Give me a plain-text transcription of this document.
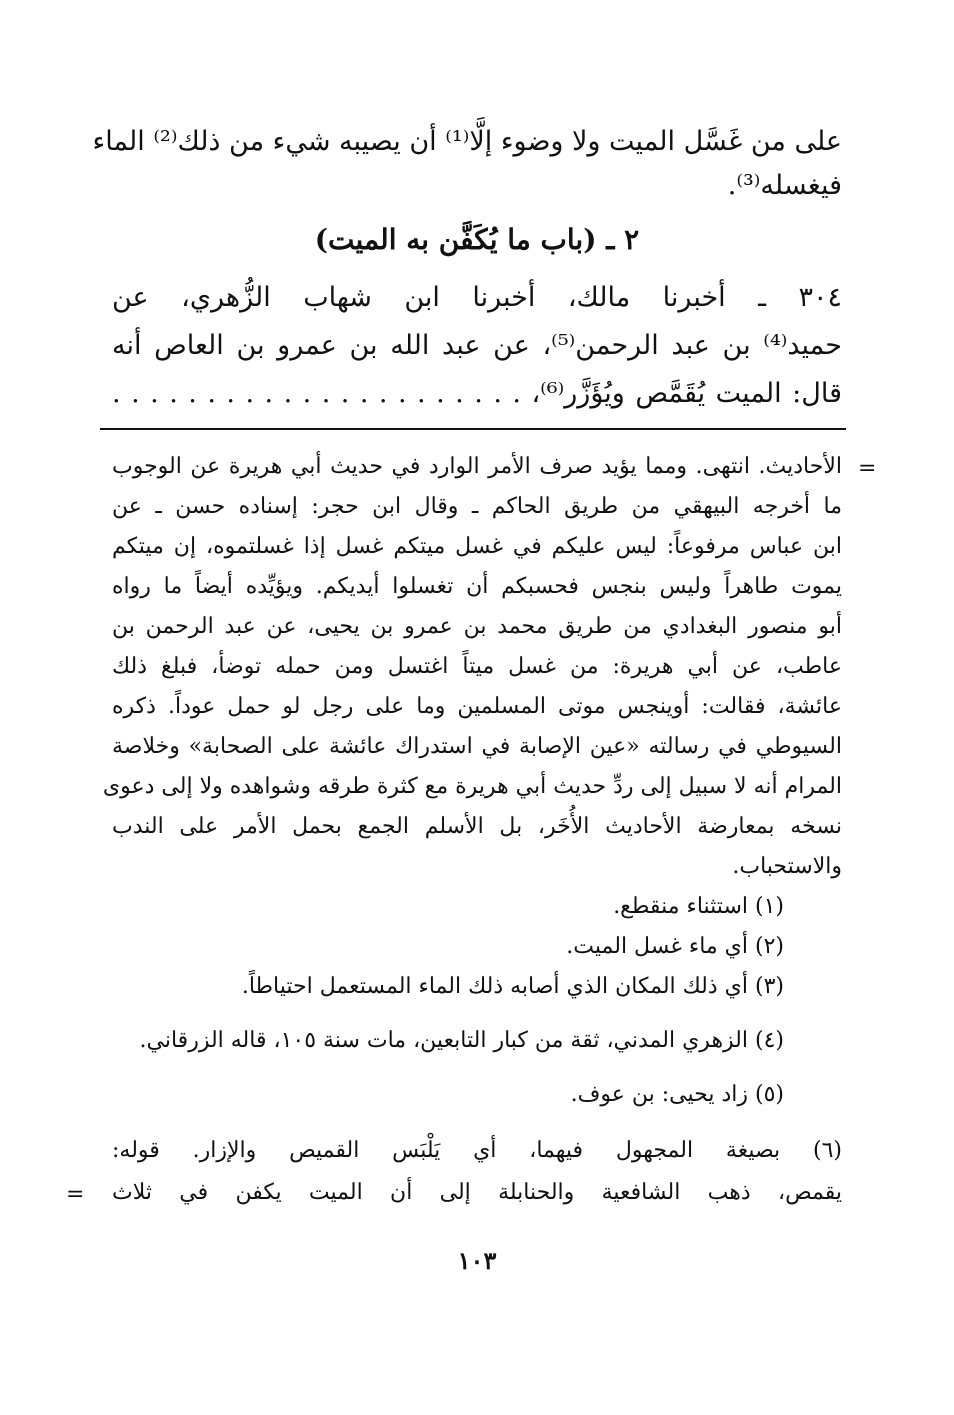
على من غَسَّل الميت ولا وضوء إلَّا⁽¹⁾ أن يصيبه شيء من ذلك⁽²⁾ الماء
فيغسله⁽³⁾.
٢ ـ (باب ما يُكَفَّن به الميت)
٣٠٤ ـ أخبرنا مالك، أخبرنا ابن شهاب الزُّهري، عن
حميد⁽⁴⁾ بن عبد الرحمن⁽⁵⁾، عن عبد الله بن عمرو بن العاص أنه
قال: الميت يُقَمَّص ويُؤَزَّر⁽⁶⁾، . . . . . . . . . . . . . . . . . . . . . .
=
الأحاديث. انتهى. ومما يؤيد صرف الأمر الوارد في حديث أبي هريرة عن الوجوب
ما أخرجه البيهقي من طريق الحاكم ـ وقال ابن حجر: إسناده حسن ـ عن
ابن عباس مرفوعاً: ليس عليكم في غسل ميتكم غسل إذا غسلتموه، إن ميتكم
يموت طاهراً وليس بنجس فحسبكم أن تغسلوا أيديكم. ويؤيِّده أيضاً ما رواه
أبو منصور البغدادي من طريق محمد بن عمرو بن يحيى، عن عبد الرحمن بن
عاطب، عن أبي هريرة: من غسل ميتاً اغتسل ومن حمله توضأ، فبلغ ذلك
عائشة، فقالت: أوينجس موتى المسلمين وما على رجل لو حمل عوداً. ذكره
السيوطي في رسالته «عين الإصابة في استدراك عائشة على الصحابة» وخلاصة
المرام أنه لا سبيل إلى ردِّ حديث أبي هريرة مع كثرة طرقه وشواهده ولا إلى دعوى
نسخه بمعارضة الأحاديث الأُخَر، بل الأسلم الجمع بحمل الأمر على الندب
والاستحباب.
(١) استثناء منقطع.
(٢) أي ماء غسل الميت.
(٣) أي ذلك المكان الذي أصابه ذلك الماء المستعمل احتياطاً.
(٤) الزهري المدني، ثقة من كبار التابعين، مات سنة ١٠٥، قاله الزرقاني.
(٥) زاد يحيى: بن عوف.
(٦) بصيغة المجهول فيهما، أي يَلْبَس القميص والإزار. قوله:
يقمص، ذهب الشافعية والحنابلة إلى أن الميت يكفن في ثلاث
=
١٠٣
